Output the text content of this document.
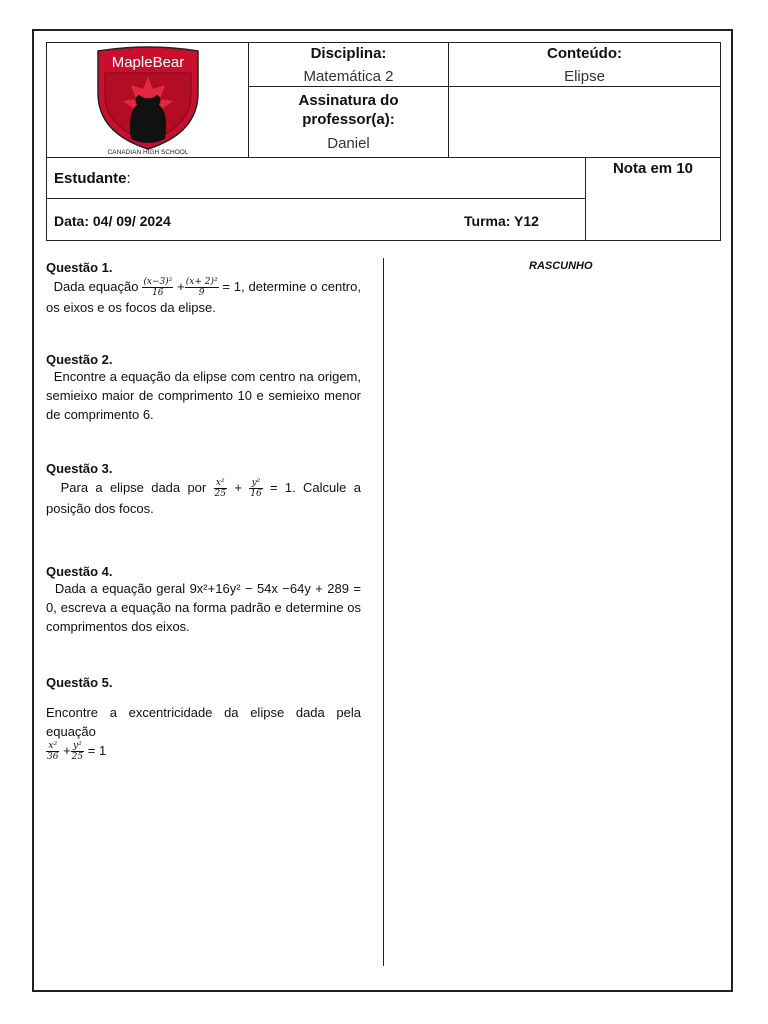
MapleBear
CANADIAN HIGH SCHOOL
Disciplina:
Matemática 2
Conteúdo:
Elipse
Assinatura do
professor(a):
Daniel
Estudante:
Nota em 10
Data: 04/ 09/ 2024	Turma: Y12
RASCUNHO
Questão 1.
Dada equação $\frac{\text{(x−3)²}}{16} + \frac{\text{(x+ 2)²}}{9} = 1$, determine o centro, os eixos e os focos da elipse.
Questão 2.
Encontre a equação da elipse com centro na origem, semieixo maior de comprimento 10 e semieixo menor de comprimento 6.
Questão 3.
Para a elipse dada por $\frac{\text{x²}}{25} + \frac{\text{y²}}{16} = 1$. Calcule a posição dos focos.
Questão 4.
Dada a equação geral 9x²+16y² − 54x −64y + 289 = 0, escreva a equação na forma padrão e determine os comprimentos dos eixos.
Questão 5.
Encontre a excentricidade da elipse dada pela equação

$\frac{\text{x²}}{36} + \frac{\text{y²}}{25} = 1$
